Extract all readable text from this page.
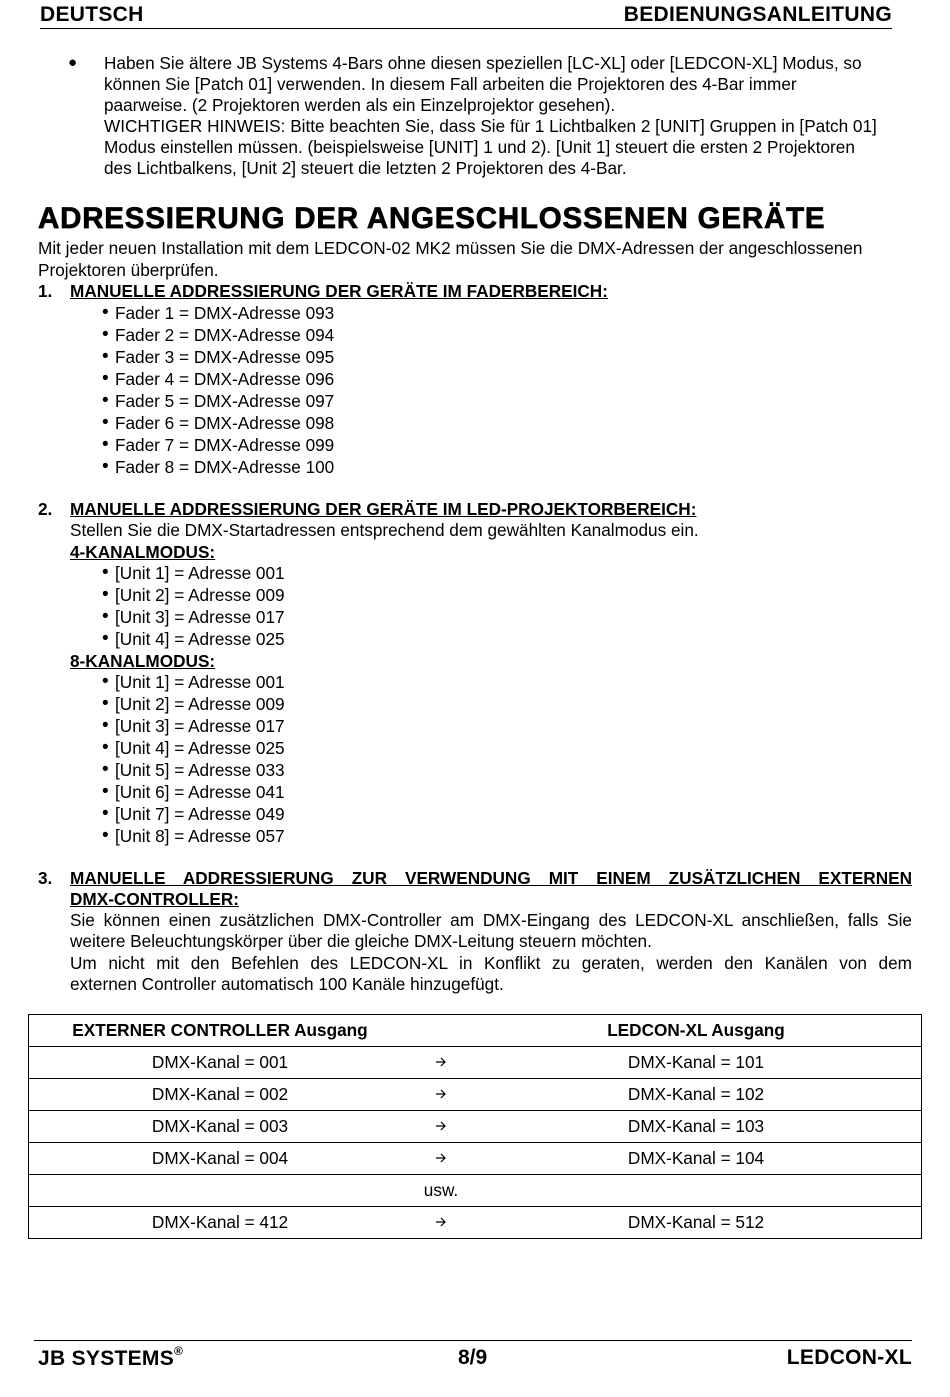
DEUTSCH	BEDIENUNGSANLEITUNG
● Haben Sie ältere JB Systems 4-Bars ohne diesen speziellen [LC-XL] oder [LEDCON-XL] Modus, so
können Sie [Patch 01] verwenden. In diesem Fall arbeiten die Projektoren des 4-Bar immer
paarweise. (2 Projektoren werden als ein Einzelprojektor gesehen).
WICHTIGER HINWEIS: Bitte beachten Sie, dass Sie für 1 Lichtbalken 2 [UNIT] Gruppen in [Patch 01]
Modus einstellen müssen. (beispielsweise [UNIT] 1 und 2). [Unit 1] steuert die ersten 2 Projektoren
des Lichtbalkens, [Unit 2] steuert die letzten 2 Projektoren des 4-Bar.
ADRESSIERUNG DER ANGESCHLOSSENEN GERÄTE
Mit jeder neuen Installation mit dem LEDCON-02 MK2 müssen Sie die DMX-Adressen der angeschlossenen
Projektoren überprüfen.
1. MANUELLE ADDRESSIERUNG DER GERÄTE IM FADERBEREICH:
• Fader 1 = DMX-Adresse 093
• Fader 2 = DMX-Adresse 094
• Fader 3 = DMX-Adresse 095
• Fader 4 = DMX-Adresse 096
• Fader 5 = DMX-Adresse 097
• Fader 6 = DMX-Adresse 098
• Fader 7 = DMX-Adresse 099
• Fader 8 = DMX-Adresse 100
2. MANUELLE ADDRESSIERUNG DER GERÄTE IM LED-PROJEKTORBEREICH:
Stellen Sie die DMX-Startadressen entsprechend dem gewählten Kanalmodus ein.
4-KANALMODUS:
• [Unit 1] = Adresse 001
• [Unit 2] = Adresse 009
• [Unit 3] = Adresse 017
• [Unit 4] = Adresse 025
8-KANALMODUS:
• [Unit 1] = Adresse 001
• [Unit 2] = Adresse 009
• [Unit 3] = Adresse 017
• [Unit 4] = Adresse 025
• [Unit 5] = Adresse 033
• [Unit 6] = Adresse 041
• [Unit 7] = Adresse 049
• [Unit 8] = Adresse 057
3. MANUELLE ADDRESSIERUNG ZUR VERWENDUNG MIT EINEM ZUSÄTZLICHEN EXTERNEN
DMX-CONTROLLER:
Sie können einen zusätzlichen DMX-Controller am DMX-Eingang des LEDCON-XL anschließen, falls Sie
weitere Beleuchtungskörper über die gleiche DMX-Leitung steuern möchten.
Um nicht mit den Befehlen des LEDCON-XL in Konflikt zu geraten, werden den Kanälen von dem
externen Controller automatisch 100 Kanäle hinzugefügt.
EXTERNER CONTROLLER Ausgang		LEDCON-XL Ausgang
DMX-Kanal = 001		DMX-Kanal = 101
DMX-Kanal = 002		DMX-Kanal = 102
DMX-Kanal = 003		DMX-Kanal = 103
DMX-Kanal = 004		DMX-Kanal = 104
	usw.	
DMX-Kanal = 412		DMX-Kanal = 512
JB SYSTEMS®	8/9	LEDCON-XL
